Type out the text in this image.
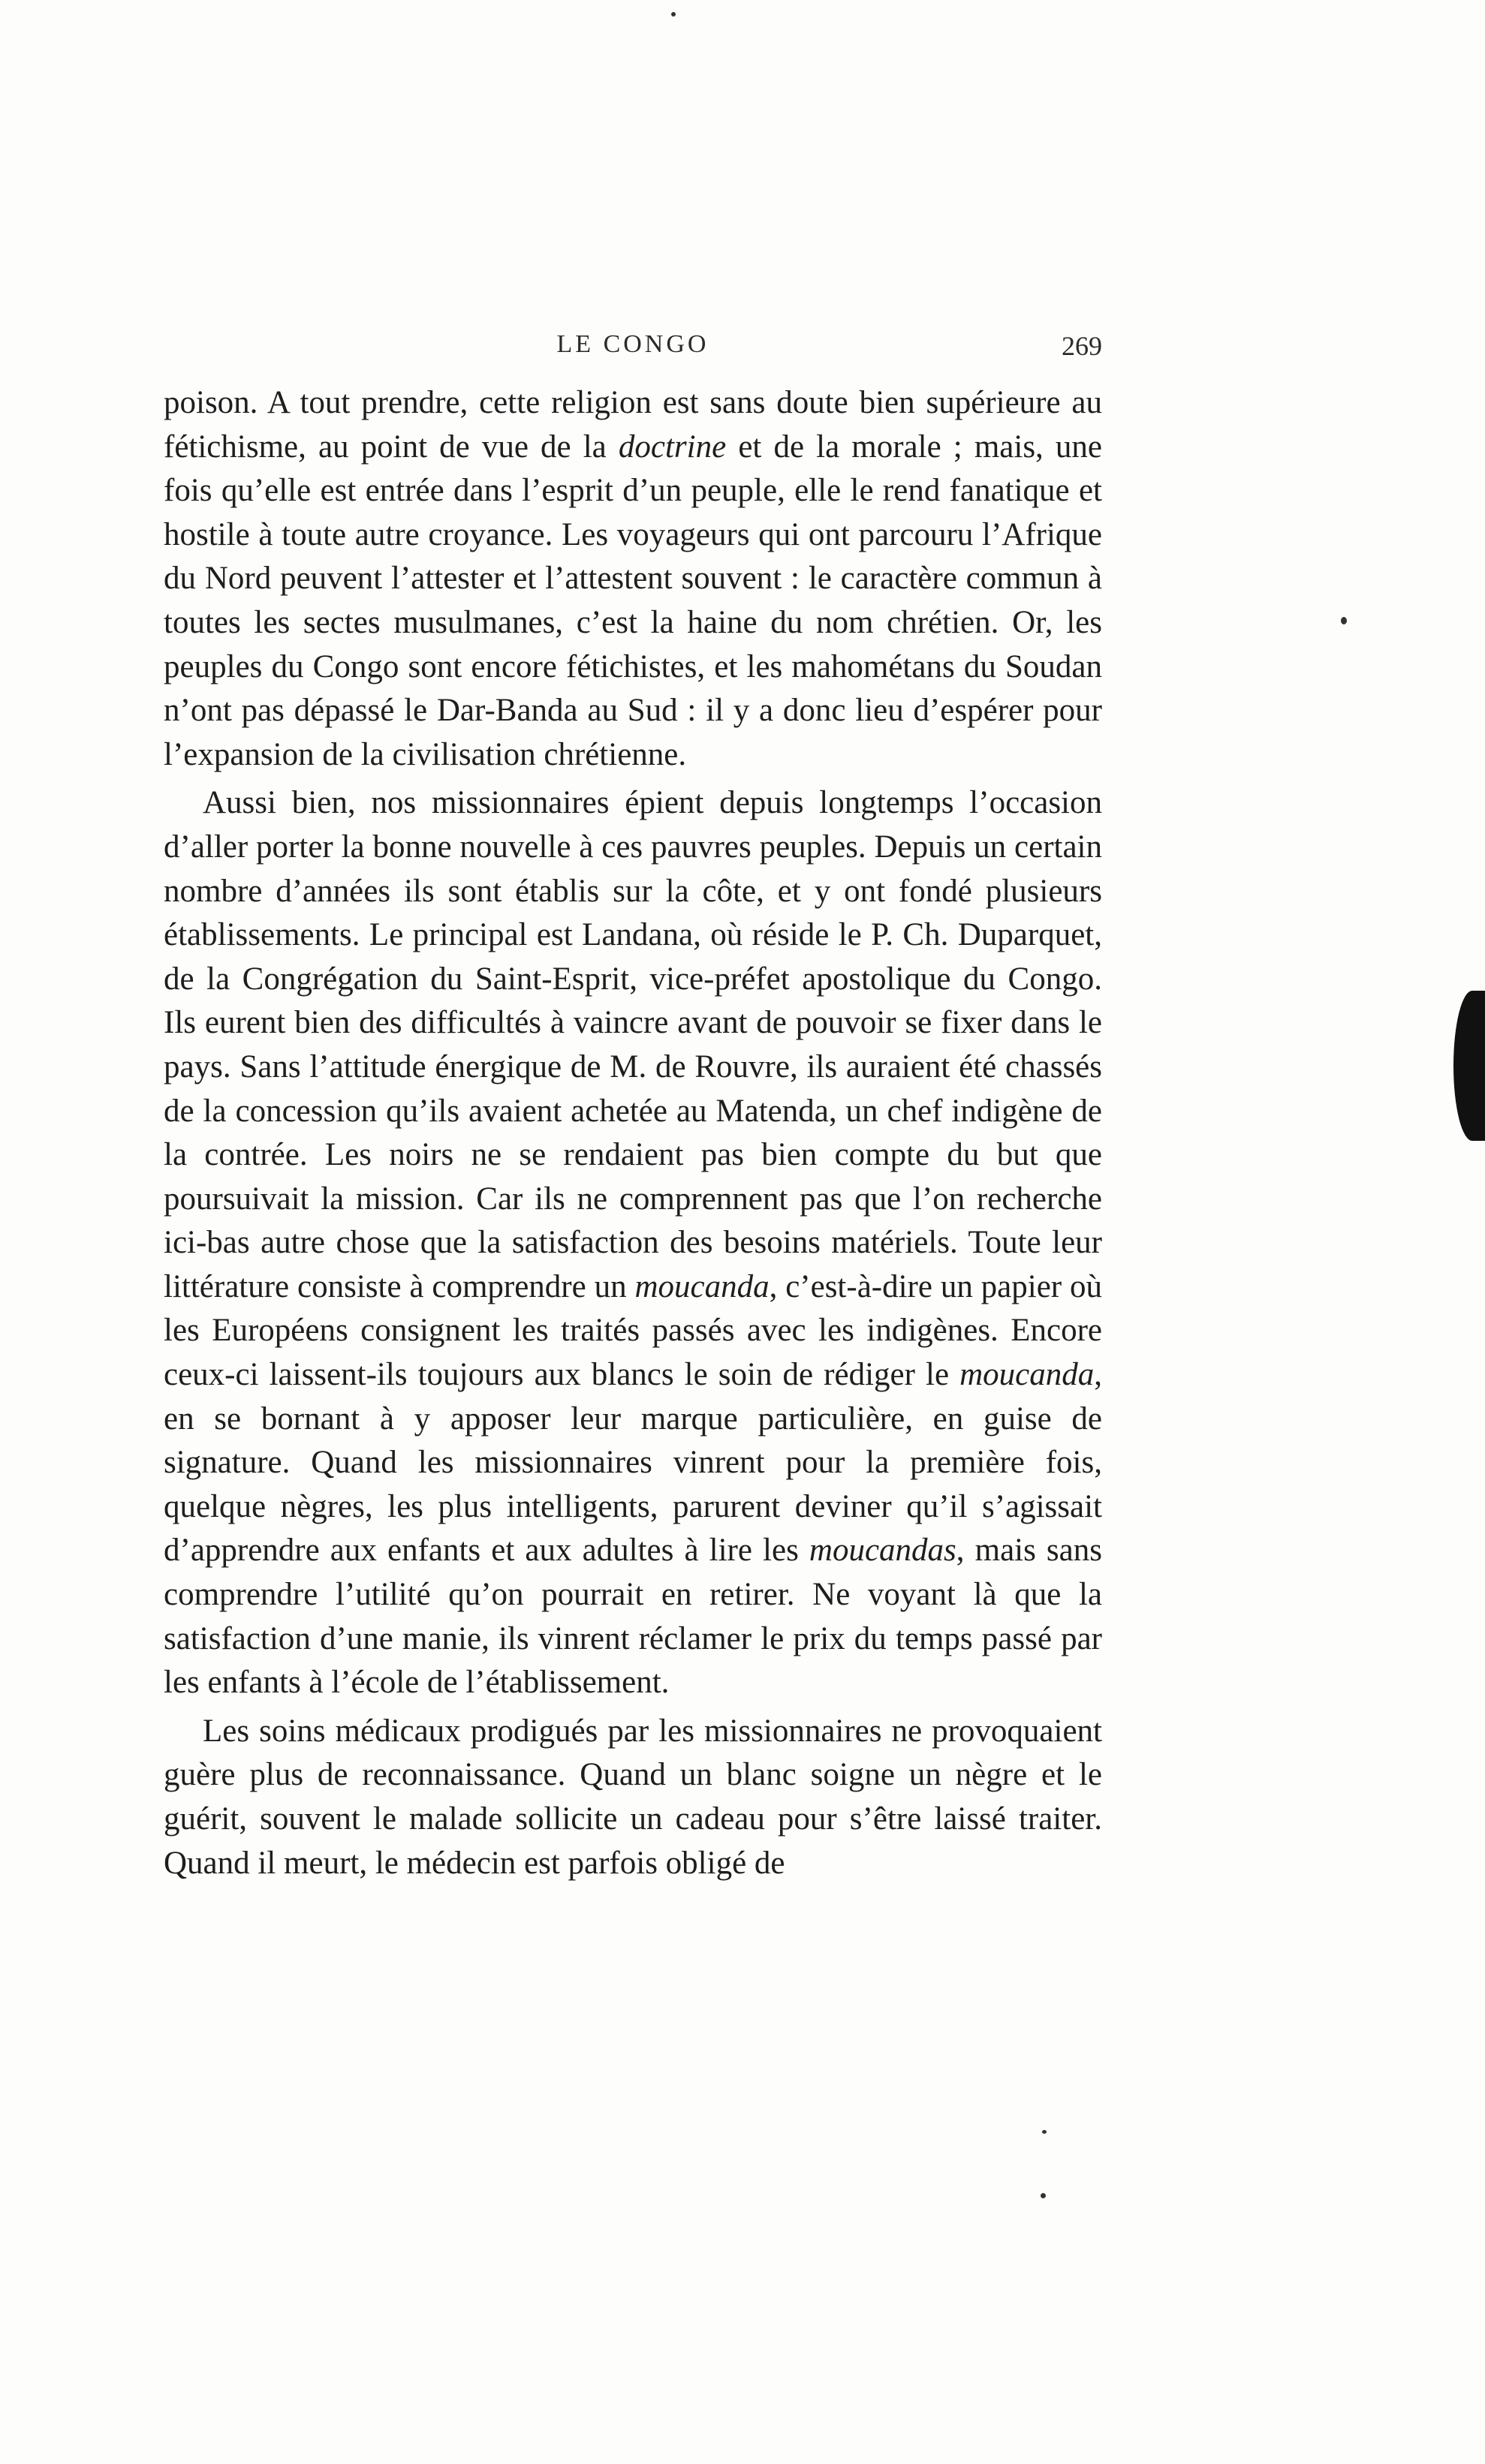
LE CONGO	269

poison. A tout prendre, cette religion est sans doute bien supérieure au fétichisme, au point de vue de la doctrine et de la morale ; mais, une fois qu’elle est entrée dans l’esprit d’un peuple, elle le rend fanatique et hostile à toute autre croyance. Les voyageurs qui ont parcouru l’Afrique du Nord peuvent l’attester et l’attestent souvent : le caractère commun à toutes les sectes musulmanes, c’est la haine du nom chrétien. Or, les peuples du Congo sont encore fétichistes, et les mahométans du Soudan n’ont pas dépassé le Dar-Banda au Sud : il y a donc lieu d’espérer pour l’expansion de la civilisation chrétienne.

Aussi bien, nos missionnaires épient depuis longtemps l’occasion d’aller porter la bonne nouvelle à ces pauvres peuples. Depuis un certain nombre d’années ils sont établis sur la côte, et y ont fondé plusieurs établissements. Le principal est Landana, où réside le P. Ch. Duparquet, de la Congrégation du Saint-Esprit, vice-préfet apostolique du Congo. Ils eurent bien des difficultés à vaincre avant de pouvoir se fixer dans le pays. Sans l’attitude énergique de M. de Rouvre, ils auraient été chassés de la concession qu’ils avaient achetée au Matenda, un chef indigène de la contrée. Les noirs ne se rendaient pas bien compte du but que poursuivait la mission. Car ils ne comprennent pas que l’on recherche ici-bas autre chose que la satisfaction des besoins matériels. Toute leur littérature consiste à comprendre un moucanda, c’est-à-dire un papier où les Européens consignent les traités passés avec les indigènes. Encore ceux-ci laissent-ils toujours aux blancs le soin de rédiger le moucanda, en se bornant à y apposer leur marque particulière, en guise de signature. Quand les missionnaires vinrent pour la première fois, quelque nègres, les plus intelligents, parurent deviner qu’il s’agissait d’apprendre aux enfants et aux adultes à lire les moucandas, mais sans comprendre l’utilité qu’on pourrait en retirer. Ne voyant là que la satisfaction d’une manie, ils vinrent réclamer le prix du temps passé par les enfants à l’école de l’établissement.

Les soins médicaux prodigués par les missionnaires ne provoquaient guère plus de reconnaissance. Quand un blanc soigne un nègre et le guérit, souvent le malade sollicite un cadeau pour s’être laissé traiter. Quand il meurt, le médecin est parfois obligé de
